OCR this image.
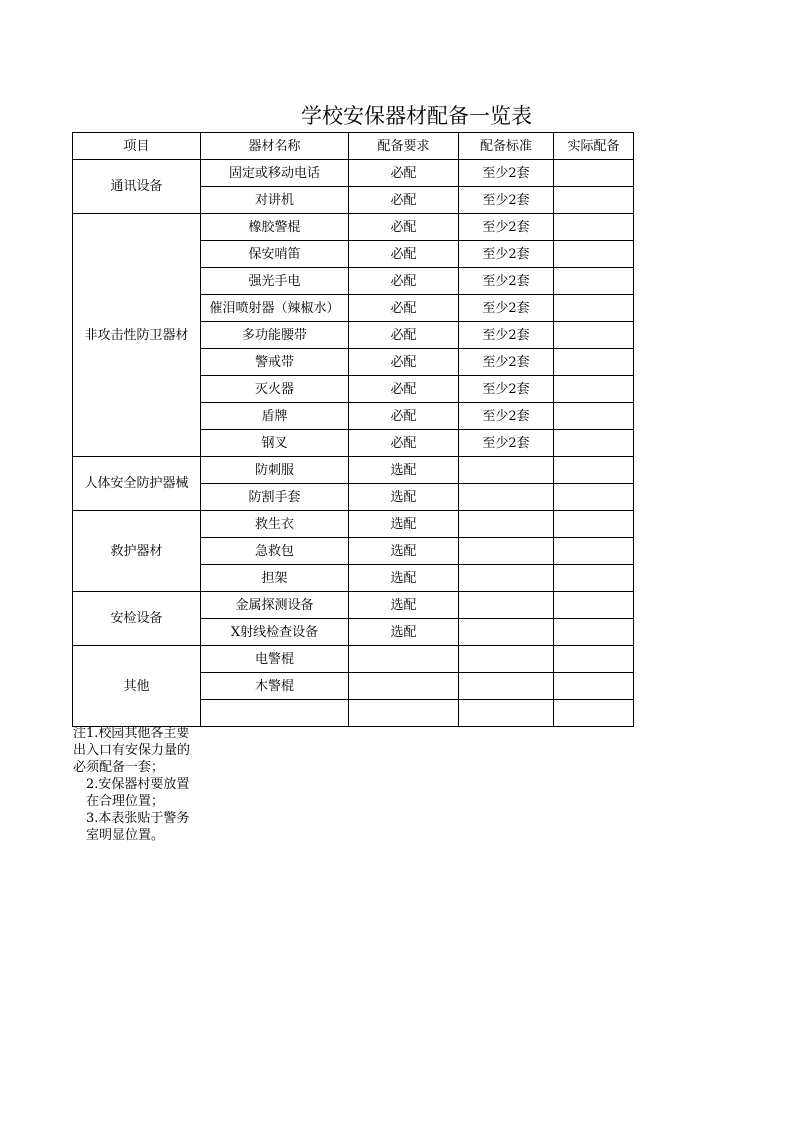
学校安保器材配备一览表
项目	器材名称	配备要求	配备标准	实际配备
通讯设备	固定或移动电话	必配	至少2套	
	对讲机	必配	至少2套	
非攻击性防卫器材	橡胶警棍	必配	至少2套	
	保安哨笛	必配	至少2套	
	强光手电	必配	至少2套	
	催泪喷射器（辣椒水）	必配	至少2套	
	多功能腰带	必配	至少2套	
	警戒带	必配	至少2套	
	灭火器	必配	至少2套	
	盾牌	必配	至少2套	
	钢叉	必配	至少2套	
人体安全防护器械	防刺服	选配		
	防割手套	选配		
救护器材	救生衣	选配		
	急救包	选配		
	担架	选配		
安检设备	金属探测设备	选配		
	X射线检查设备	选配		
其他	电警棍			
	木警棍			

注1.校园其他各主要出入口有安保力量的必须配备一套；
2.安保器村要放置在合理位置；
3.本表张贴于警务室明显位置。
